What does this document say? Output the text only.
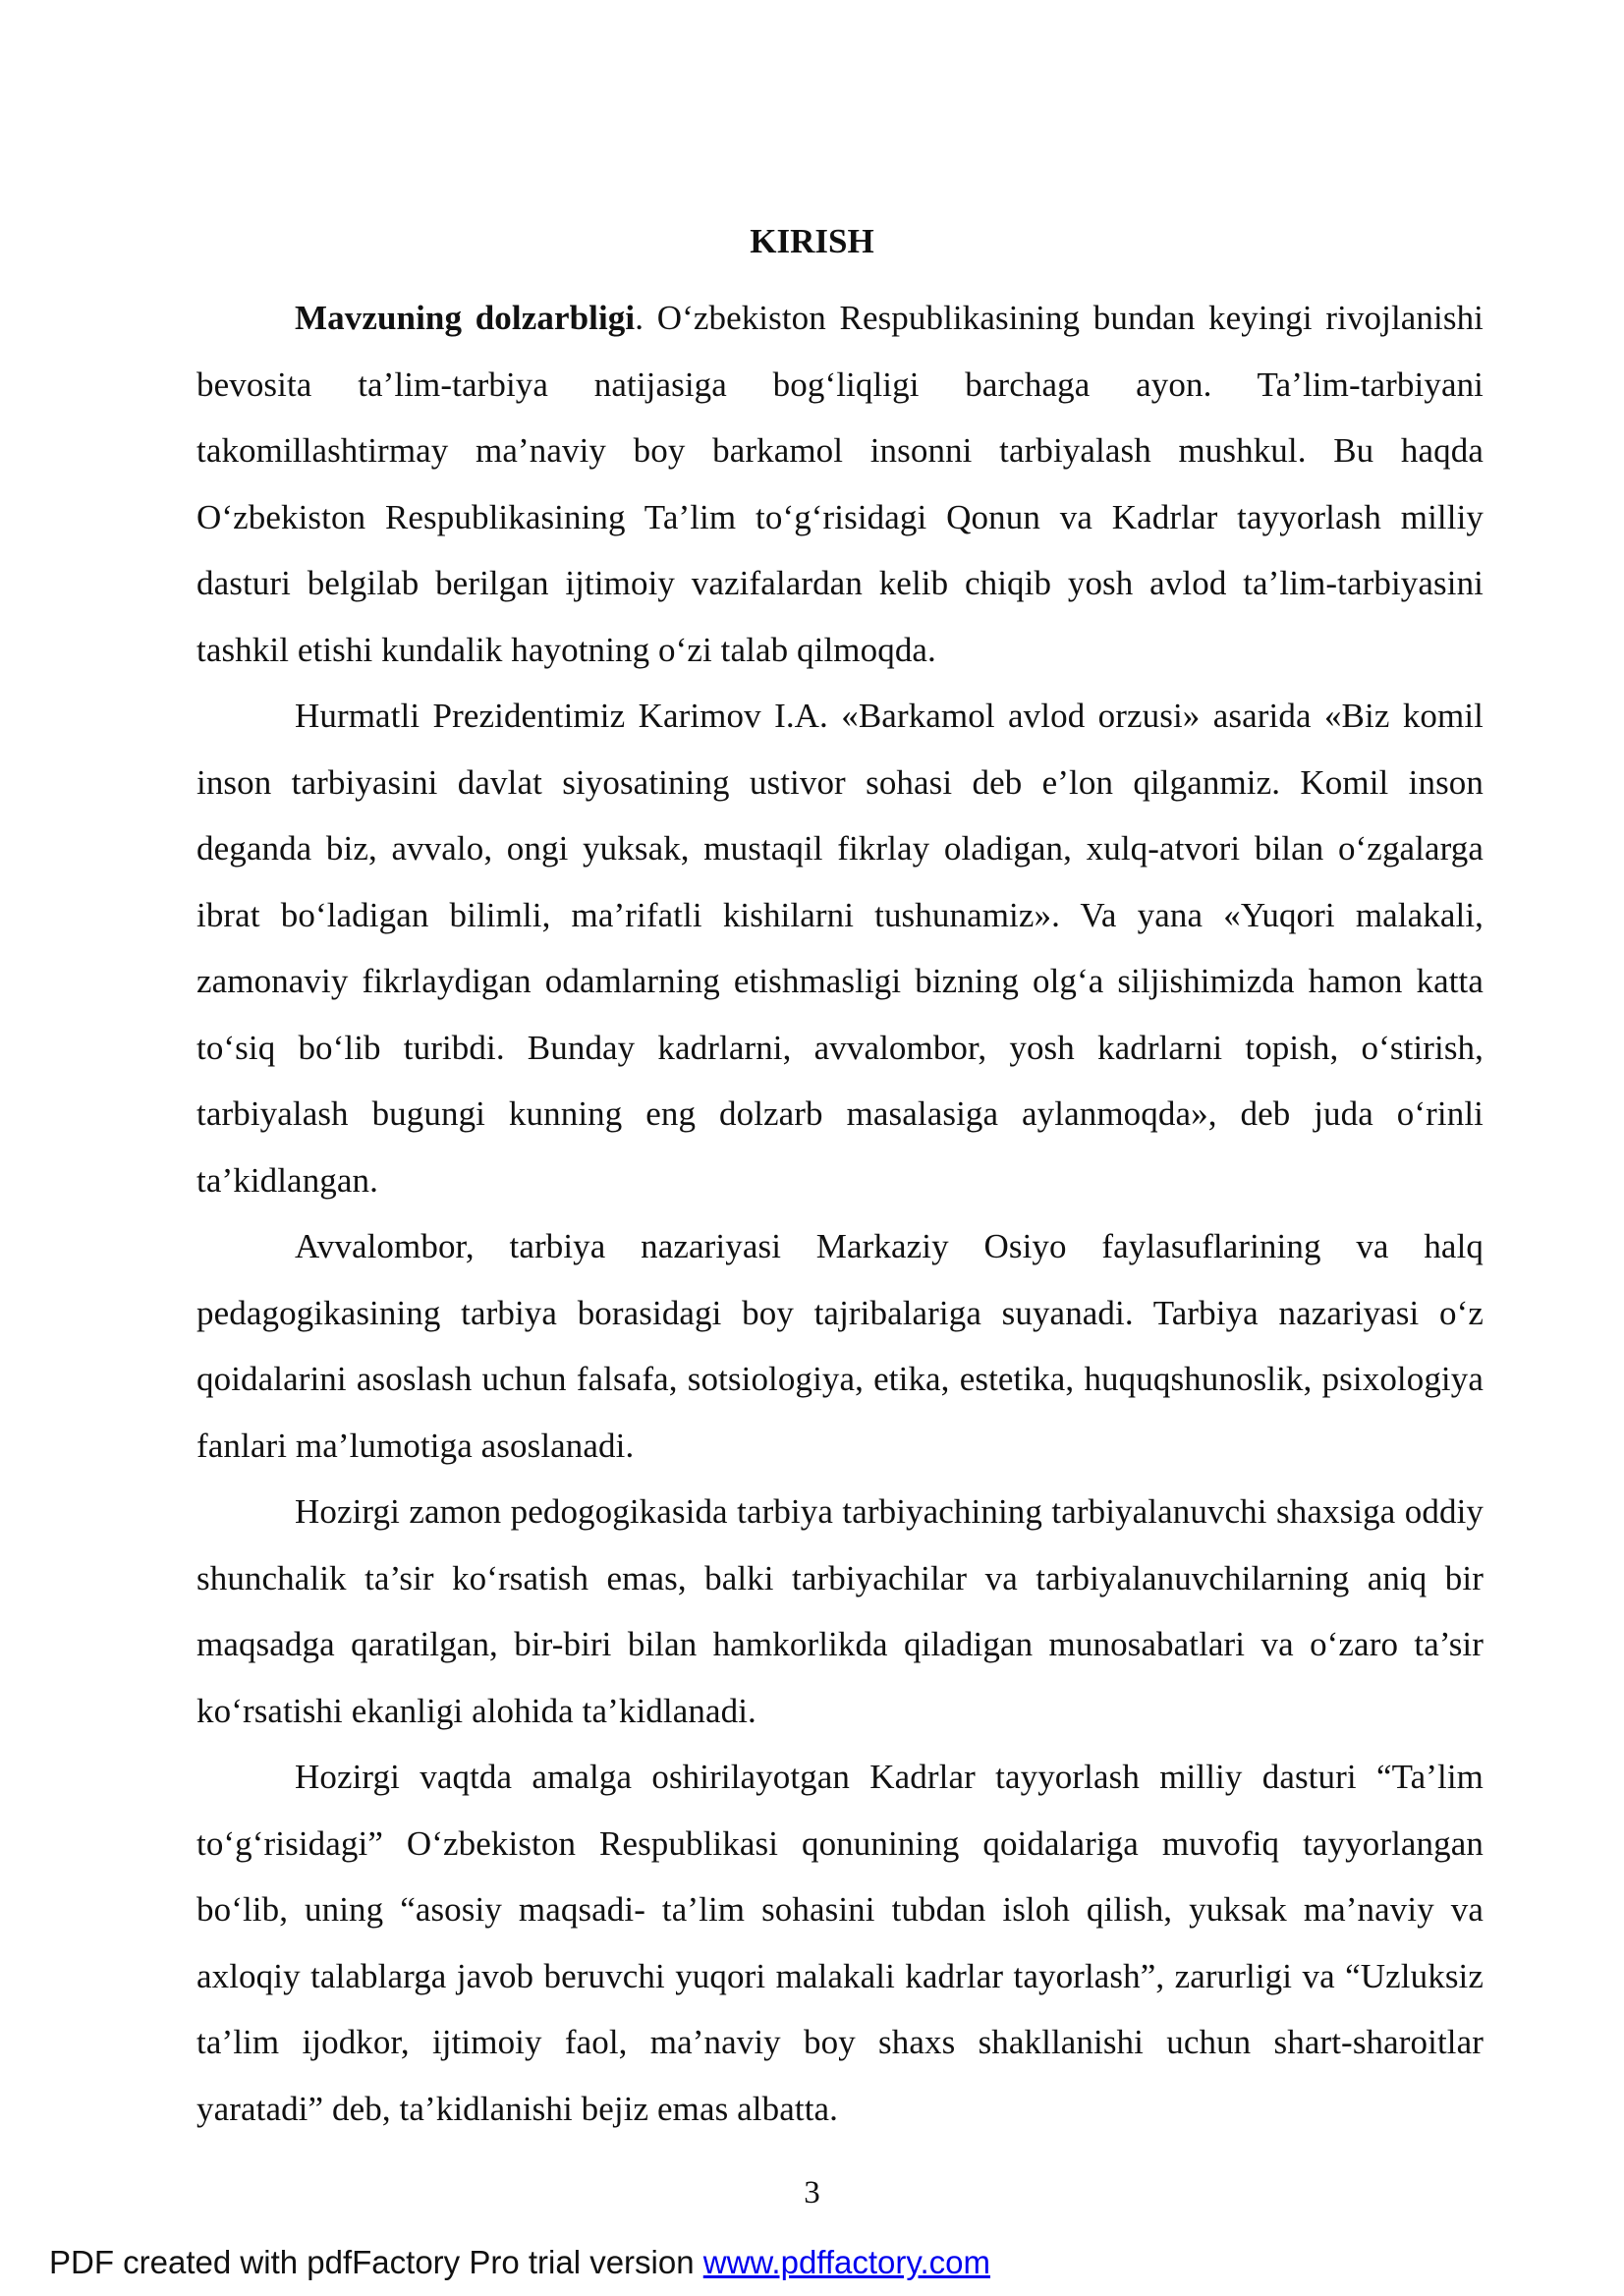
KIRISH

Mavzuning dolzarbligi. O‘zbekiston Respublikasining bundan keyingi rivojlanishi bevosita ta’lim-tarbiya natijasiga bog‘liqligi barchaga ayon. Ta’lim-tarbiyani takomillashtirmay ma’naviy boy barkamol insonni tarbiyalash mushkul. Bu haqda O‘zbekiston Respublikasining Ta’lim to‘g‘risidagi Qonun va Kadrlar tayyorlash milliy dasturi belgilab berilgan ijtimoiy vazifalardan kelib chiqib yosh avlod ta’lim-tarbiyasini tashkil etishi kundalik hayotning o‘zi talab qilmoqda.

Hurmatli Prezidentimiz Karimov I.A. «Barkamol avlod orzusi» asarida «Biz komil inson tarbiyasini davlat siyosatining ustivor sohasi deb e’lon qilganmiz. Komil inson deganda biz, avvalo, ongi yuksak, mustaqil fikrlay oladigan, xulq-atvori bilan o‘zgalarga ibrat bo‘ladigan bilimli, ma’rifatli kishilarni tushunamiz». Va yana «Yuqori malakali, zamonaviy fikrlaydigan odamlarning etishmasligi bizning olg‘a siljishimizda hamon katta to‘siq bo‘lib turibdi. Bunday kadrlarni, avvalombor, yosh kadrlarni topish, o‘stirish, tarbiyalash bugungi kunning eng dolzarb masalasiga aylanmoqda», deb juda o‘rinli ta’kidlangan.

Avvalombor, tarbiya nazariyasi Markaziy Osiyo faylasuflarining va halq pedagogikasining tarbiya borasidagi boy tajribalariga suyanadi. Tarbiya nazariyasi o‘z qoidalarini asoslash uchun falsafa, sotsiologiya, etika, estetika, huquqshunoslik, psixologiya fanlari ma’lumotiga asoslanadi.

Hozirgi zamon pedogogikasida tarbiya tarbiyachining tarbiyalanuvchi shaxsiga oddiy shunchalik ta’sir ko‘rsatish emas, balki tarbiyachilar va tarbiyalanuvchilarning aniq bir maqsadga qaratilgan, bir-biri bilan hamkorlikda qiladigan munosabatlari va o‘zaro ta’sir ko‘rsatishi ekanligi alohida ta’kidlanadi.

Hozirgi vaqtda amalga oshirilayotgan Kadrlar tayyorlash milliy dasturi “Ta’lim to‘g‘risidagi” O‘zbekiston Respublikasi qonunining qoidalariga muvofiq tayyorlangan bo‘lib, uning “asosiy maqsadi- ta’lim sohasini tubdan isloh qilish, yuksak ma’naviy va axloqiy talablarga javob beruvchi yuqori malakali kadrlar tayorlash”, zarurligi va “Uzluksiz ta’lim ijodkor, ijtimoiy faol, ma’naviy boy shaxs shakllanishi uchun shart-sharoitlar yaratadi” deb, ta’kidlanishi bejiz emas albatta.

3
PDF created with pdfFactory Pro trial version www.pdffactory.com
